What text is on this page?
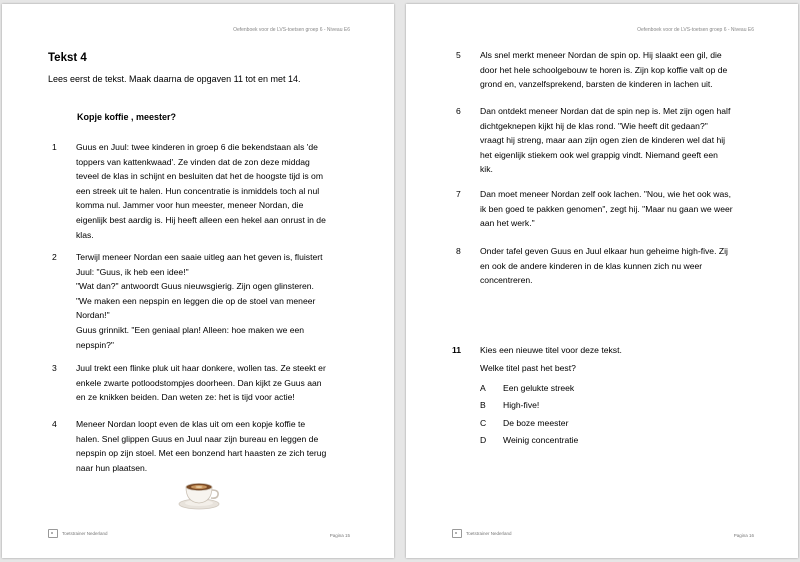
Oefenboek voor de LVS-toetsen groep 6 - Niveau E6
Tekst 4
Lees eerst de tekst. Maak daarna de opgaven 11 tot en met 14.
Kopje koffie , meester?
1 Guus en Juul: twee kinderen in groep 6 die bekendstaan als 'de
toppers van kattenkwaad'. Ze vinden dat de zon deze middag
teveel de klas in schijnt en besluiten dat het de hoogste tijd is om
een streek uit te halen. Hun concentratie is inmiddels toch al nul
komma nul. Jammer voor hun meester, meneer Nordan, die
eigenlijk best aardig is. Hij heeft alleen een hekel aan onrust in de
klas.
2 Terwijl meneer Nordan een saaie uitleg aan het geven is, fluistert
Juul: "Guus, ik heb een idee!"
"Wat dan?" antwoordt Guus nieuwsgierig. Zijn ogen glinsteren.
"We maken een nepspin en leggen die op de stoel van meneer
Nordan!"
Guus grinnikt. "Een geniaal plan! Alleen: hoe maken we een
nepspin?"
3 Juul trekt een flinke pluk uit haar donkere, wollen tas. Ze steekt er
enkele zwarte potloodstompjes doorheen. Dan kijkt ze Guus aan
en ze knikken beiden. Dan weten ze: het is tijd voor actie!
4 Meneer Nordan loopt even de klas uit om een kopje koffie te
halen. Snel glippen Guus en Juul naar zijn bureau en leggen de
nepspin op zijn stoel. Met een bonzend hart haasten ze zich terug
naar hun plaatsen.
Toetstrainer Nederland	Pagina 15
Oefenboek voor de LVS-toetsen groep 6 - Niveau E6
5 Als snel merkt meneer Nordan de spin op. Hij slaakt een gil, die
door het hele schoolgebouw te horen is. Zijn kop koffie valt op de
grond en, vanzelfsprekend, barsten de kinderen in lachen uit.
6 Dan ontdekt meneer Nordan dat de spin nep is. Met zijn ogen half
dichtgeknepen kijkt hij de klas rond. "Wie heeft dit gedaan?"
vraagt hij streng, maar aan zijn ogen zien de kinderen wel dat hij
het eigenlijk stiekem ook wel grappig vindt. Niemand geeft een
kik.
7 Dan moet meneer Nordan zelf ook lachen. "Nou, wie het ook was,
ik ben goed te pakken genomen", zegt hij. "Maar nu gaan we weer
aan het werk."
8 Onder tafel geven Guus en Juul elkaar hun geheime high-five. Zij
en ook de andere kinderen in de klas kunnen zich nu weer
concentreren.
11 Kies een nieuwe titel voor deze tekst.
Welke titel past het best?
A Een gelukte streek
B High-five!
C De boze meester
D Weinig concentratie
Toetstrainer Nederland	Pagina 16
